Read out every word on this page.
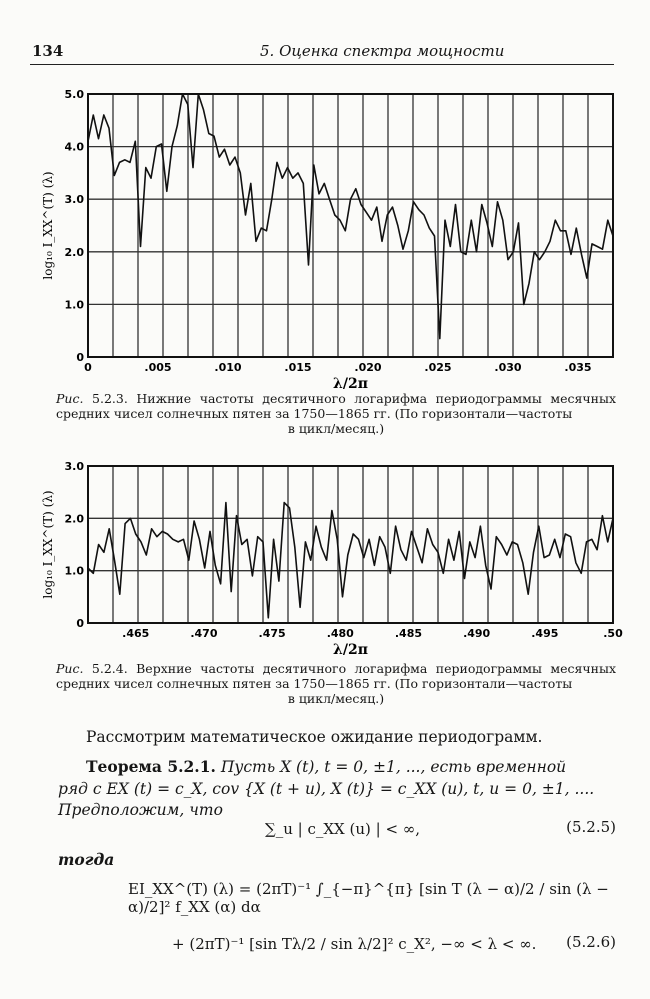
134	5. Оценка спектра мощности
0
1.0
2.0
3.0
4.0
5.0
0	.005	.010	.015	.020	.025	.030	.035
λ/2π
log₁₀ I_XX^(T) (λ)
Рис. 5.2.3. Нижние частоты десятичного логарифма периодограммы месячных средних чисел солнечных пятен за 1750—1865 гг. (По горизонтали—частоты
в цикл/месяц.)
0
1.0
2.0
3.0
.465	.470	.475	.480	.485	.490	.495	.50
λ/2π
log₁₀ I_XX^(T) (λ)
Рис. 5.2.4. Верхние частоты десятичного логарифма периодограммы месячных средних чисел солнечных пятен за 1750—1865 гг. (По горизонтали—частоты
в цикл/месяц.)
Рассмотрим математическое ожидание периодограмм.
Теорема 5.2.1. Пусть X (t), t = 0, ±1, ..., есть временной
ряд с EX (t) = c_X, cov {X (t + u), X (t)} = c_XX (u), t, u = 0, ±1, ....
Предположим, что
∑_u | c_XX (u) | < ∞,	(5.2.5)
тогда
EI_XX^(T) (λ) = (2πT)⁻¹ ∫_{−π}^{π} [sin T (λ − α)/2 / sin (λ − α)/2]² f_XX (α) dα
+ (2πT)⁻¹ [sin Tλ/2 / sin λ/2]² c_X², −∞ < λ < ∞. (5.2.6)
